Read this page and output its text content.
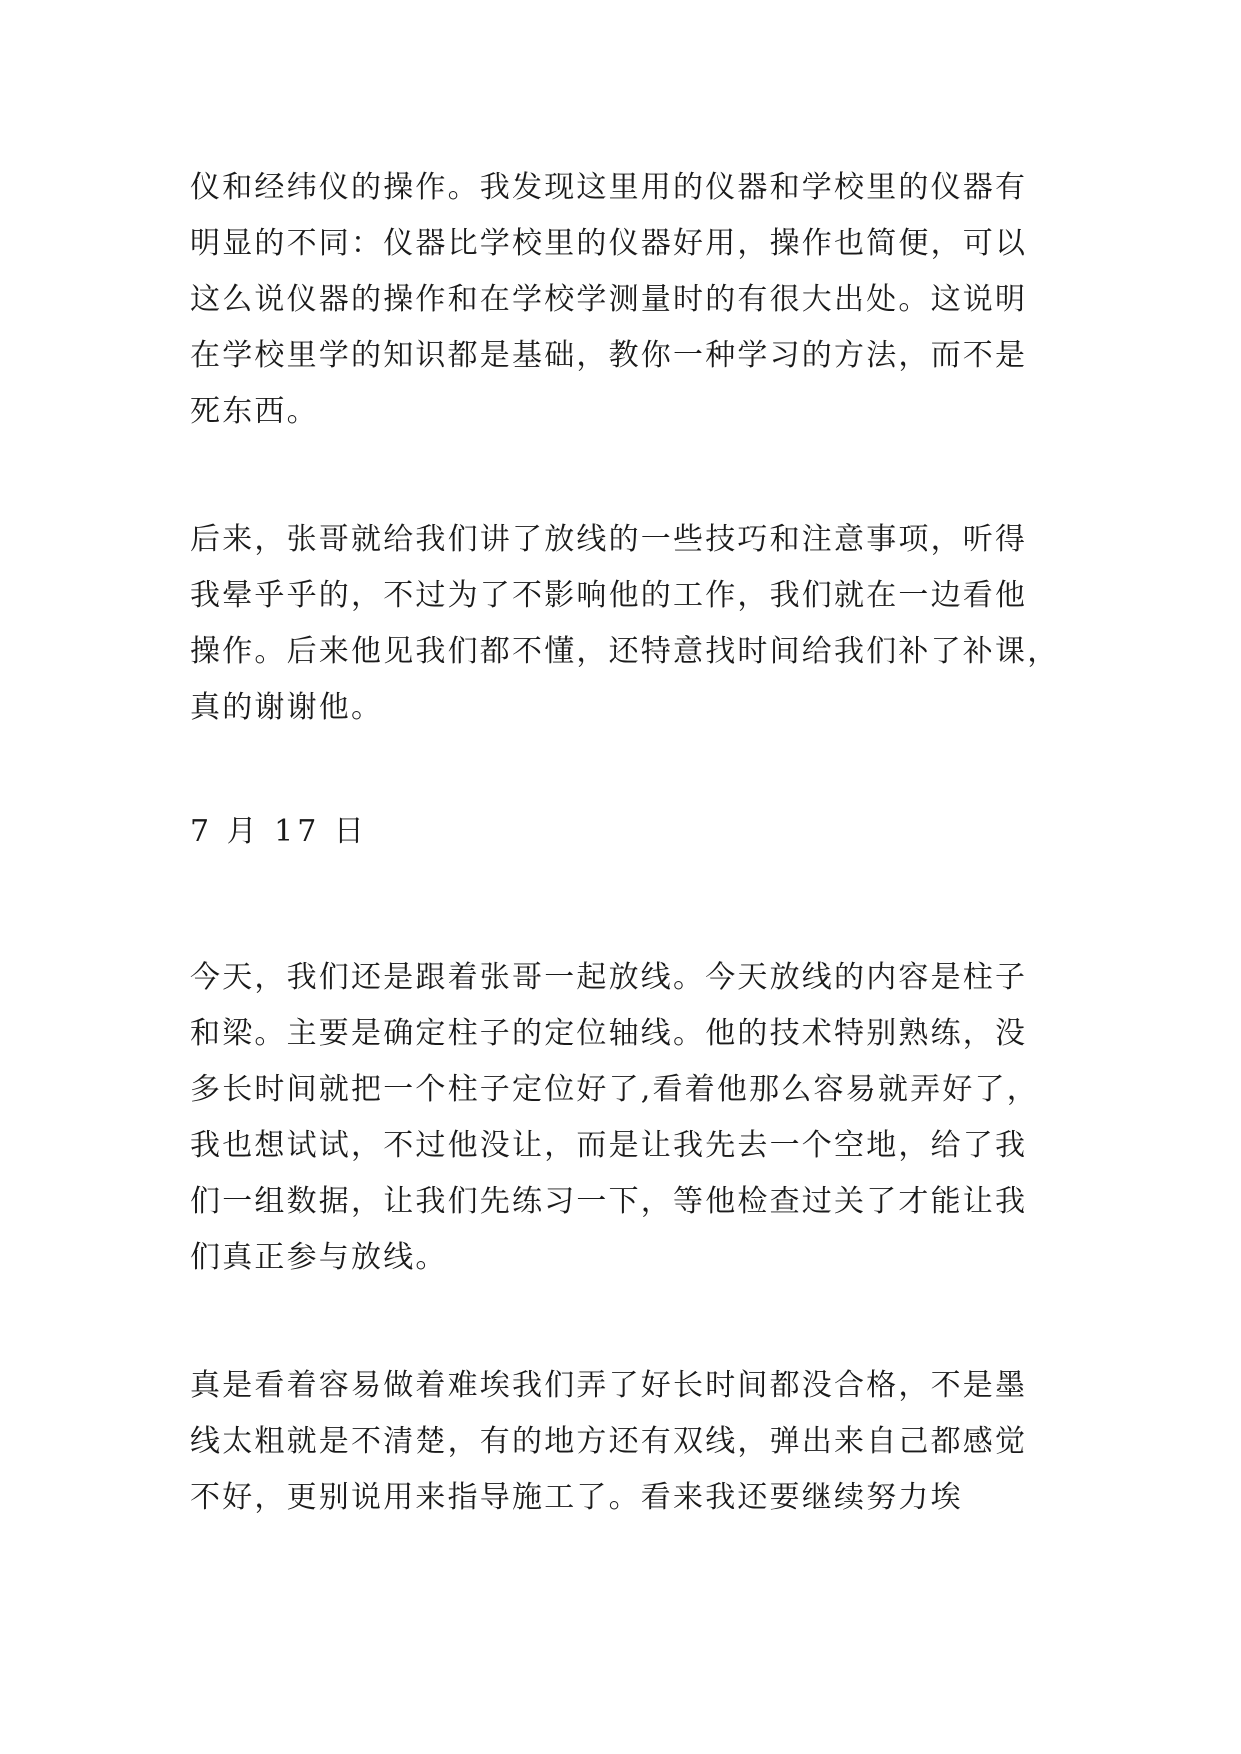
仪和经纬仪的操作。我发现这里用的仪器和学校里的仪器有
明显的不同：仪器比学校里的仪器好用，操作也简便，可以
这么说仪器的操作和在学校学测量时的有很大出处。这说明
在学校里学的知识都是基础，教你一种学习的方法，而不是
死东西。
后来，张哥就给我们讲了放线的一些技巧和注意事项，听得
我晕乎乎的，不过为了不影响他的工作，我们就在一边看他
操作。后来他见我们都不懂，还特意找时间给我们补了补课，
真的谢谢他。
7 月 17 日
今天，我们还是跟着张哥一起放线。今天放线的内容是柱子
和梁。主要是确定柱子的定位轴线。他的技术特别熟练，没
多长时间就把一个柱子定位好了,看着他那么容易就弄好了，
我也想试试，不过他没让，而是让我先去一个空地，给了我
们一组数据，让我们先练习一下，等他检查过关了才能让我
们真正参与放线。
真是看着容易做着难埃我们弄了好长时间都没合格，不是墨
线太粗就是不清楚，有的地方还有双线，弹出来自己都感觉
不好，更别说用来指导施工了。看来我还要继续努力埃
